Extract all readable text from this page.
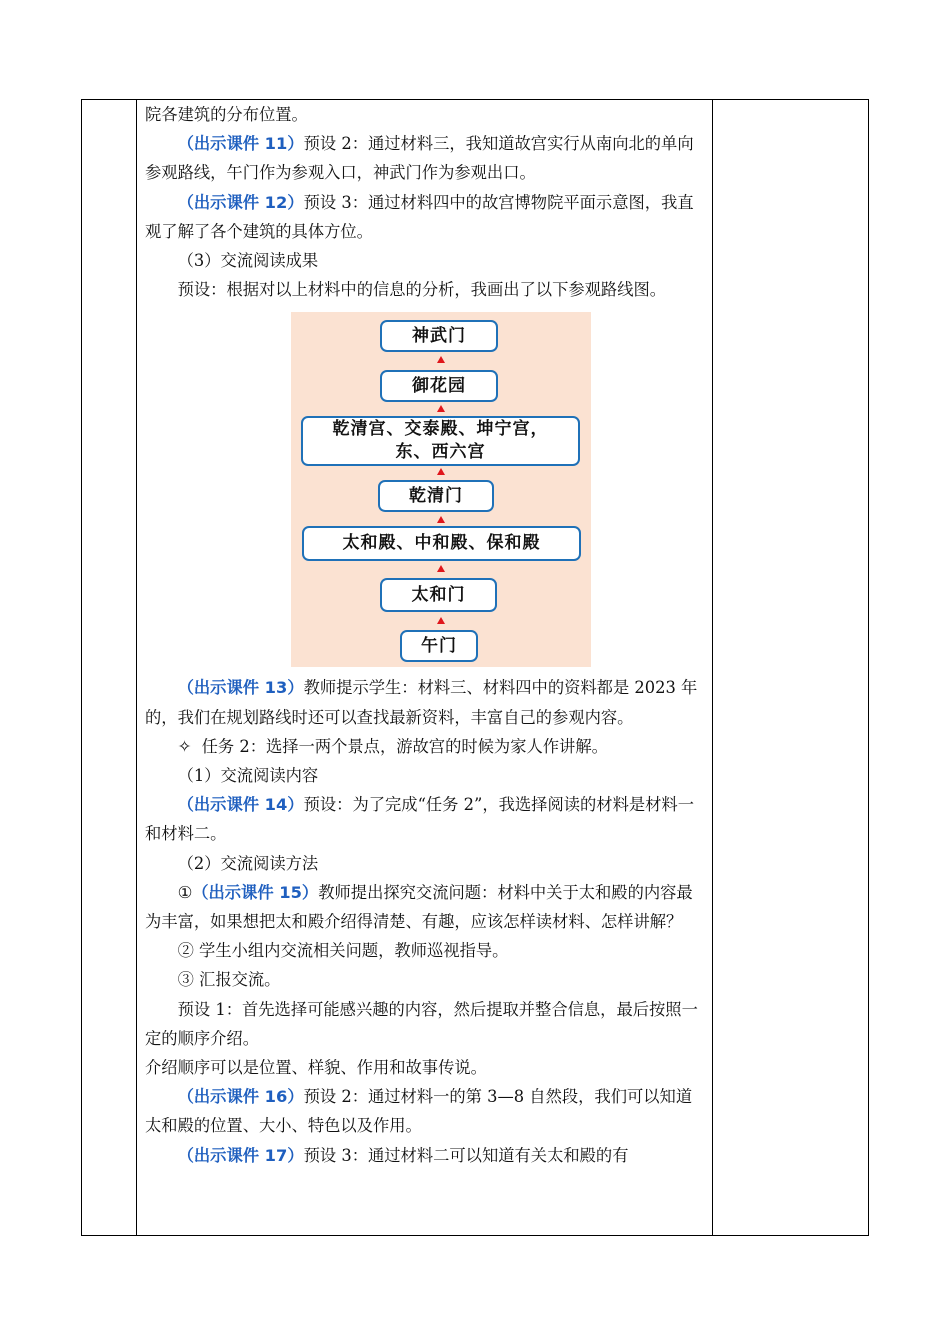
院各建筑的分布位置。

（出示课件 11）预设 2：通过材料三，我知道故宫实行从南向北的单向参观路线，午门作为参观入口，神武门作为参观出口。

（出示课件 12）预设 3：通过材料四中的故宫博物院平面示意图，我直观了解了各个建筑的具体方位。

（3）交流阅读成果

预设：根据对以上材料中的信息的分析，我画出了以下参观路线图。

神武门
御花园
乾清宫、交泰殿、坤宁宫，
东、西六宫
乾清门
太和殿、中和殿、保和殿
太和门
午门

（出示课件 13）教师提示学生：材料三、材料四中的资料都是 2023 年的，我们在规划路线时还可以查找最新资料，丰富自己的参观内容。

✧ 任务 2：选择一两个景点，游故宫的时候为家人作讲解。

（1）交流阅读内容

（出示课件 14）预设：为了完成“任务 2”，我选择阅读的材料是材料一和材料二。

（2）交流阅读方法

①（出示课件 15）教师提出探究交流问题：材料中关于太和殿的内容最为丰富，如果想把太和殿介绍得清楚、有趣，应该怎样读材料、怎样讲解？

② 学生小组内交流相关问题，教师巡视指导。

③ 汇报交流。

预设 1：首先选择可能感兴趣的内容，然后提取并整合信息，最后按照一定的顺序介绍。

介绍顺序可以是位置、样貌、作用和故事传说。

（出示课件 16）预设 2：通过材料一的第 3—8 自然段，我们可以知道太和殿的位置、大小、特色以及作用。

（出示课件 17）预设 3：通过材料二可以知道有关太和殿的有
